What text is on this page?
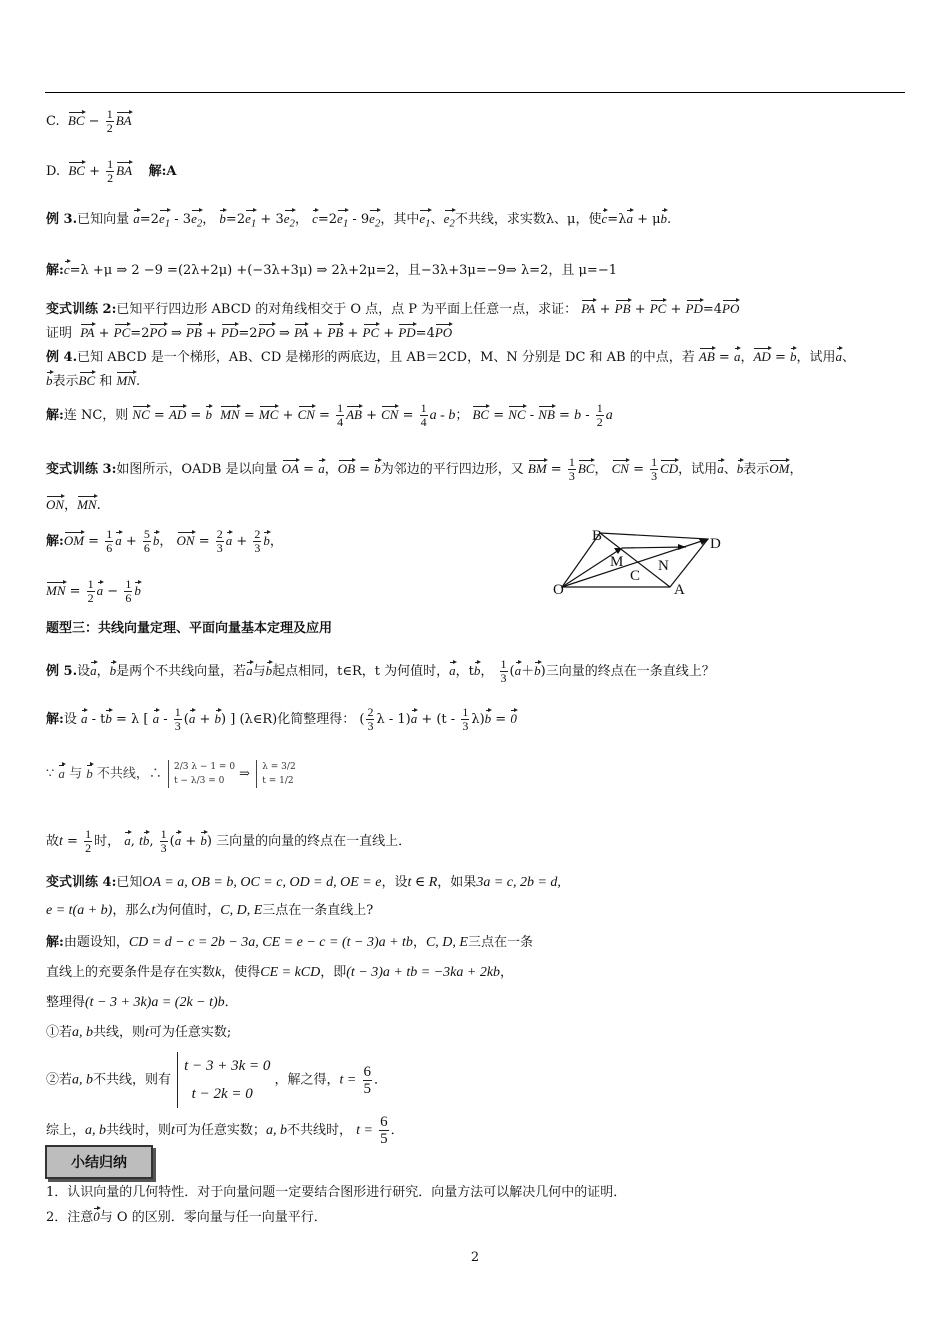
C. BC − $\frac{1}{2}$ BA
D. BC + $\frac{1}{2}$ BA 解:A
例 3.已知向量 $a=2e_1 - 3e_2$， $b=2e_1 + 3e_2$， $c=2e_1 - 9e_2$，其中$e_1$、$e_2$不共线，求实数λ、μ，使c=λa + μb.
解:c=λ +μ ⇒ 2 −9 =(2λ+2μ) +(−3λ+3μ) ⇒ 2λ+2μ=2，且−3λ+3μ=−9⇒ λ=2，且 μ=−1
变式训练 2:已知平行四边形 ABCD 的对角线相交于 O 点，点 P 为平面上任意一点，求证： PA + PB + PC + PD=4PO
证明 PA + PC=2PO ⇒ PB + PD=2PO ⇒ PA + PB + PC + PD=4PO
例 4.已知 ABCD 是一个梯形，AB、CD 是梯形的两底边，且 AB＝2CD，M、N 分别是 DC 和 AB 的中点，若 AB = a，AD = b，试用a、
b表示BC 和 MN.
解:连 NC，则 NC = AD = b MN = MC + CN = $\frac{1}{4}$ AB + CN = $\frac{1}{4}$ a - b； BC = NC - NB = b - $\frac{1}{2}$ a
变式训练 3:如图所示，OADB 是以向量 OA = a，OB = b为邻边的平行四边形，又 BM = $\frac{1}{3}$ BC， CN = $\frac{1}{3}$ CD，试用a、b表示OM，
ON，MN.
解:OM = $\frac{1}{6}$ $a + \frac{5}{6}$ b， ON = $\frac{2}{3}$ $a + \frac{2}{3}$ b，
MN = $\frac{1}{2}$ $a - \frac{1}{6}$ b
B	D
M N
C
O	A
题型三：共线向量定理、平面向量基本定理及应用
例 5.设a，b是两个不共线向量，若a与b起点相同，t∈R，t 为何值时，a，tb， $\frac{1}{3} (a+b)$三向量的终点在一条直线上？
解:设 a - tb = λ [ $a - \frac{1}{3} (a + b)$ ] (λ∈R)化简整理得： ( $\frac{2}{3}$ $\lambda - 1)a + (t - \frac{1}{3} \lambda)b = 0$
∵ a 与 b 不共线，∴ 2/3 λ − 1 = 0
t − λ/3 = 0 ⇒ λ = 3/2
t = 1/2
故$t = \frac{1}{2}$ 时， a, tb, $\frac{1}{3} (a + b)$ 三向量的向量的终点在一直线上．
变式训练 4:已知OA = a, OB = b, OC = c, OD = d, OE = e，设t ∈ R，如果3a = c, 2b = d,
e = t(a + b)，那么t为何值时，C, D, E三点在一条直线上?
解:由题设知，CD = d − c = 2b − 3a, CE = e − c = (t − 3)a + tb，C, D, E三点在一条
直线上的充要条件是存在实数k，使得CE = kCD，即(t − 3)a + tb = −3ka + 2kb，
整理得(t − 3 + 3k)a = (2k − t)b．
①若a, b共线，则t可为任意实数;
②若a, b不共线，则有 t − 3 + 3k = 0
t − 2k = 0 ，解之得，$t = \frac{6}{5}$ ．
综上，a, b共线时，则t可为任意实数；a, b不共线时， $t = \frac{6}{5}$ ．
小结归纳
1．认识向量的几何特性．对于向量问题一定要结合图形进行研究．向量方法可以解决几何中的证明．
2．注意0与 O 的区别．零向量与任一向量平行．
2
